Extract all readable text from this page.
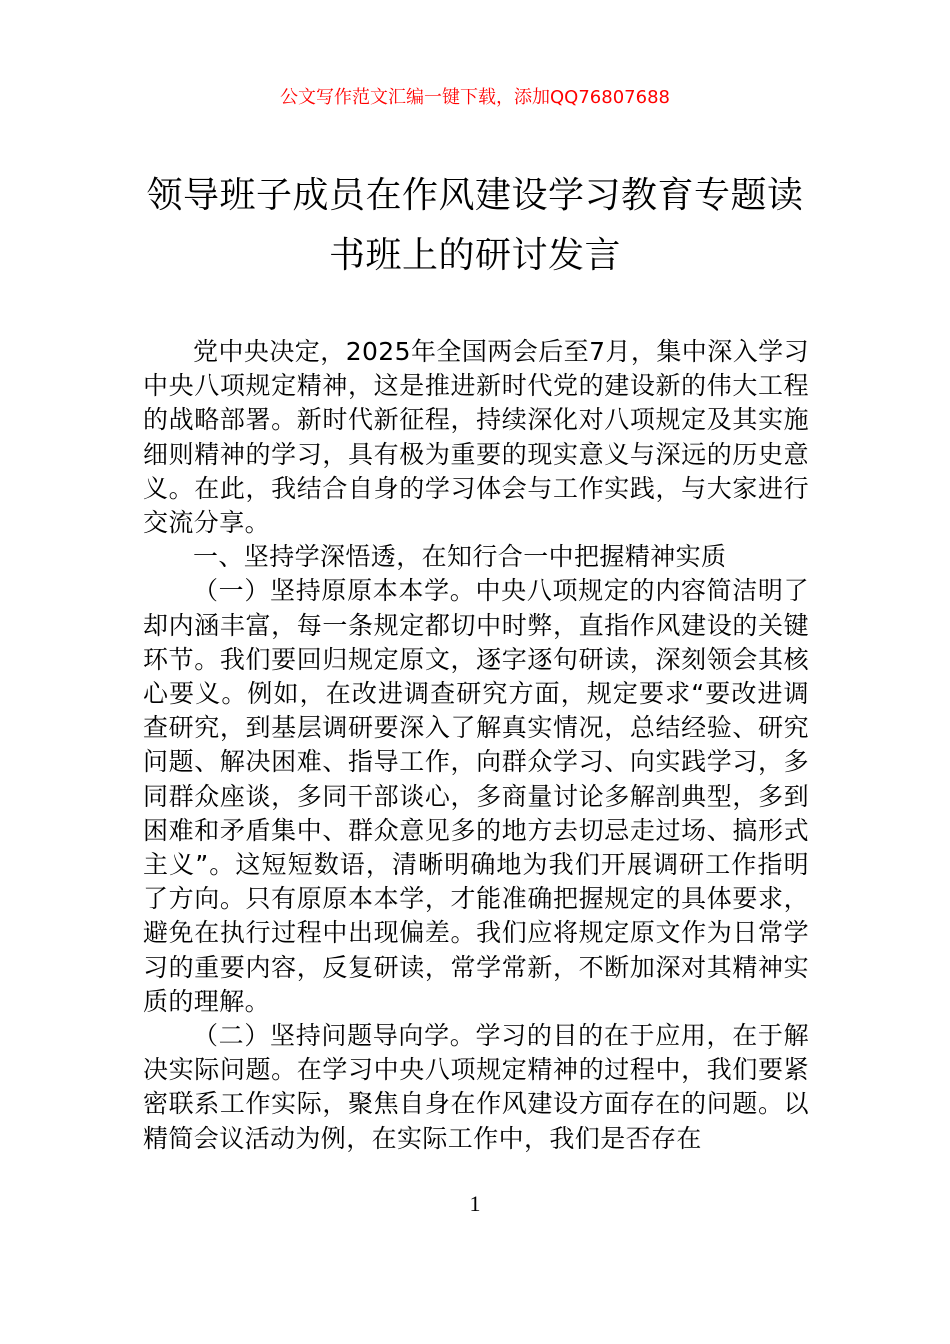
公文写作范文汇编一键下载，添加QQ76807688
领导班子成员在作风建设学习教育专题读
书班上的研讨发言

党中央决定，2025年全国两会后至7月，集中深入学习中央八项规定精神，这是推进新时代党的建设新的伟大工程的战略部署。新时代新征程，持续深化对八项规定及其实施细则精神的学习，具有极为重要的现实意义与深远的历史意义。在此，我结合自身的学习体会与工作实践，与大家进行交流分享。

一、坚持学深悟透，在知行合一中把握精神实质

（一）坚持原原本本学。中央八项规定的内容简洁明了却内涵丰富，每一条规定都切中时弊，直指作风建设的关键环节。我们要回归规定原文，逐字逐句研读，深刻领会其核心要义。例如，在改进调查研究方面，规定要求“要改进调查研究，到基层调研要深入了解真实情况，总结经验、研究问题、解决困难、指导工作，向群众学习、向实践学习，多同群众座谈，多同干部谈心，多商量讨论多解剖典型，多到困难和矛盾集中、群众意见多的地方去切忌走过场、搞形式主义”。这短短数语，清晰明确地为我们开展调研工作指明了方向。只有原原本本学，才能准确把握规定的具体要求，避免在执行过程中出现偏差。我们应将规定原文作为日常学习的重要内容，反复研读，常学常新，不断加深对其精神实质的理解。

（二）坚持问题导向学。学习的目的在于应用，在于解决实际问题。在学习中央八项规定精神的过程中，我们要紧密联系工作实际，聚焦自身在作风建设方面存在的问题。以精简会议活动为例，在实际工作中，我们是否存在

1
